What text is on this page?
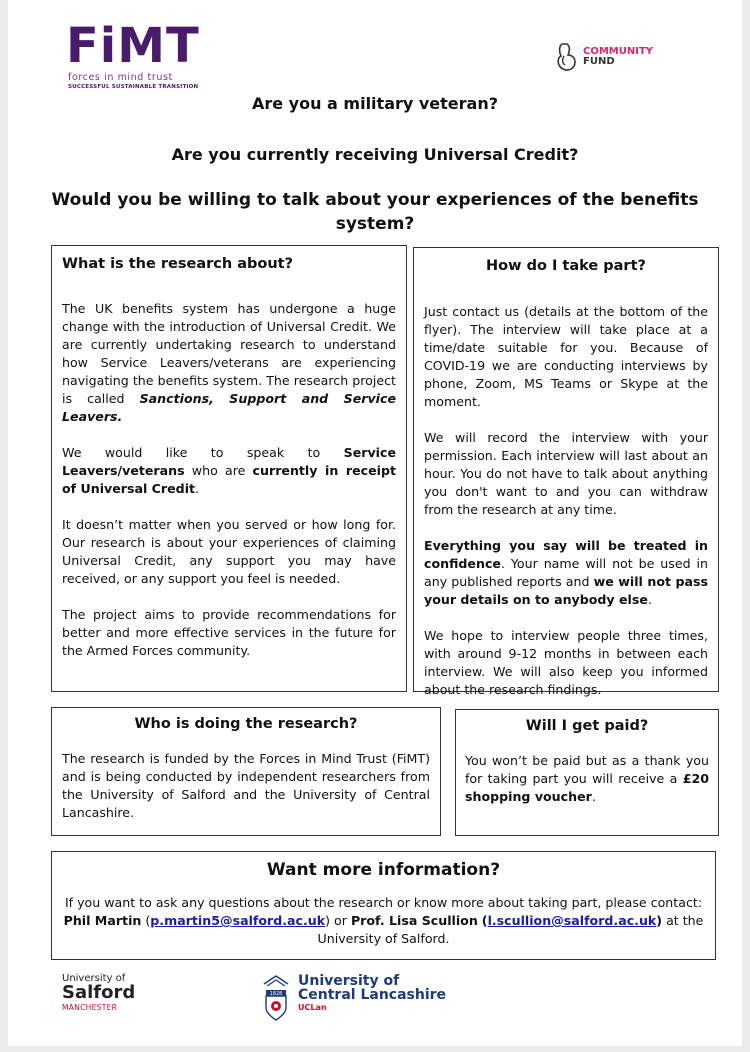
FiMT
forces in mind trust
SUCCESSFUL SUSTAINABLE TRANSITION
COMMUNITY
FUND
Are you a military veteran?
Are you currently receiving Universal Credit?
Would you be willing to talk about your experiences of the benefits system?
What is the research about?

The UK benefits system has undergone a huge change with the introduction of Universal Credit. We are currently undertaking research to understand how Service Leavers/veterans are experiencing navigating the benefits system. The research project is called Sanctions, Support and Service Leavers.

We would like to speak to Service Leavers/veterans who are currently in receipt of Universal Credit.

It doesn’t matter when you served or how long for. Our research is about your experiences of claiming Universal Credit, any support you may have received, or any support you feel is needed.

The project aims to provide recommendations for better and more effective services in the future for the Armed Forces community.

How do I take part?

Just contact us (details at the bottom of the flyer). The interview will take place at a time/date suitable for you. Because of COVID-19 we are conducting interviews by phone, Zoom, MS Teams or Skype at the moment.

We will record the interview with your permission. Each interview will last about an hour. You do not have to talk about anything you don't want to and you can withdraw from the research at any time.

Everything you say will be treated in confidence. Your name will not be used in any published reports and we will not pass your details on to anybody else.

We hope to interview people three times, with around 9-12 months in between each interview. We will also keep you informed about the research findings.

Who is doing the research?

The research is funded by the Forces in Mind Trust (FiMT) and is being conducted by independent researchers from the University of Salford and the University of Central Lancashire.

Will I get paid?

You won’t be paid but as a thank you for taking part you will receive a £20 shopping voucher.

Want more information?

If you want to ask any questions about the research or know more about taking part, please contact: Phil Martin (p.martin5@salford.ac.uk) or Prof. Lisa Scullion (l.scullion@salford.ac.uk) at the University of Salford.

University of
Salford
MANCHESTER
1828
University of
Central Lancashire
UCLan
